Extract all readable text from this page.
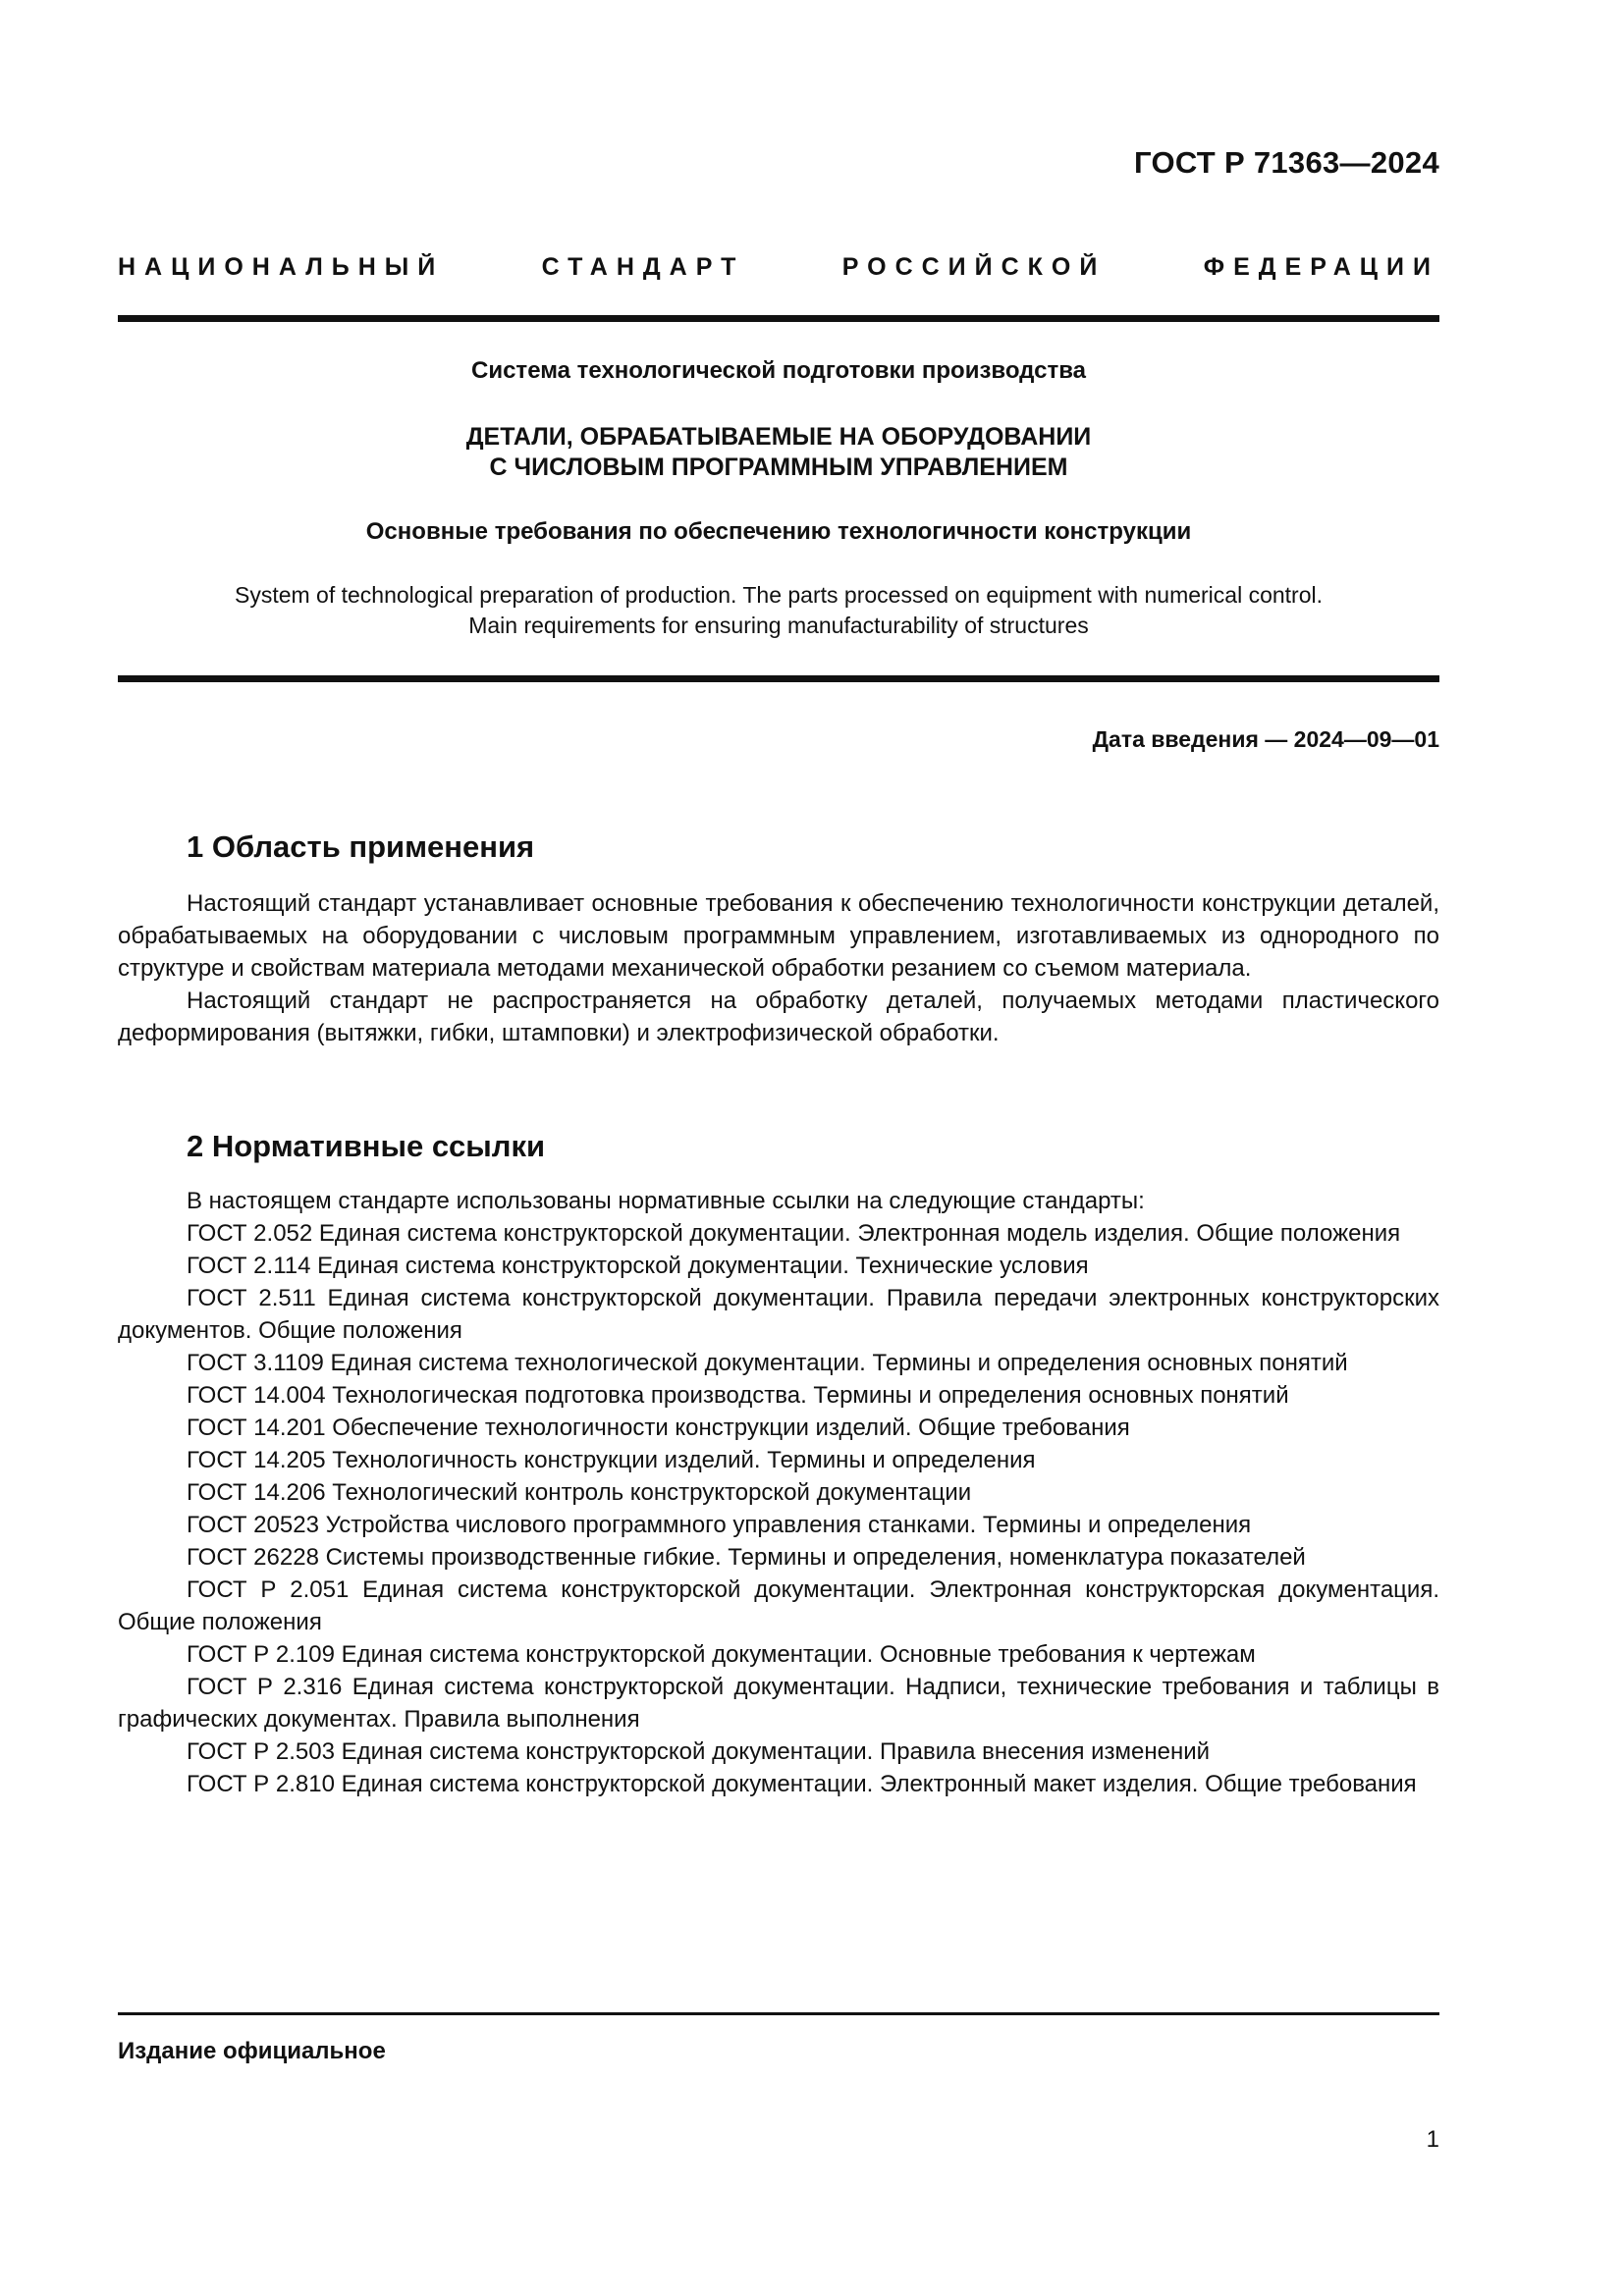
ГОСТ Р 71363—2024
НАЦИОНАЛЬНЫЙ СТАНДАРТ РОССИЙСКОЙ ФЕДЕРАЦИИ
Система технологической подготовки производства
ДЕТАЛИ, ОБРАБАТЫВАЕМЫЕ НА ОБОРУДОВАНИИ
С ЧИСЛОВЫМ ПРОГРАММНЫМ УПРАВЛЕНИЕМ
Основные требования по обеспечению технологичности конструкции
System of technological preparation of production. The parts processed on equipment with numerical control.
Main requirements for ensuring manufacturability of structures
Дата введения — 2024—09—01
1 Область применения

Настоящий стандарт устанавливает основные требования к обеспечению технологичности конструкции деталей, обрабатываемых на оборудовании с числовым программным управлением, изготавливаемых из однородного по структуре и свойствам материала методами механической обработки резанием со съемом материала.

Настоящий стандарт не распространяется на обработку деталей, получаемых методами пластического деформирования (вытяжки, гибки, штамповки) и электрофизической обработки.

2 Нормативные ссылки

В настоящем стандарте использованы нормативные ссылки на следующие стандарты:

ГОСТ 2.052 Единая система конструкторской документации. Электронная модель изделия. Общие положения

ГОСТ 2.114 Единая система конструкторской документации. Технические условия

ГОСТ 2.511 Единая система конструкторской документации. Правила передачи электронных конструкторских документов. Общие положения

ГОСТ 3.1109 Единая система технологической документации. Термины и определения основных понятий

ГОСТ 14.004 Технологическая подготовка производства. Термины и определения основных понятий

ГОСТ 14.201 Обеспечение технологичности конструкции изделий. Общие требования

ГОСТ 14.205 Технологичность конструкции изделий. Термины и определения

ГОСТ 14.206 Технологический контроль конструкторской документации

ГОСТ 20523 Устройства числового программного управления станками. Термины и определения

ГОСТ 26228 Системы производственные гибкие. Термины и определения, номенклатура показателей

ГОСТ Р 2.051 Единая система конструкторской документации. Электронная конструкторская документация. Общие положения

ГОСТ Р 2.109 Единая система конструкторской документации. Основные требования к чертежам

ГОСТ Р 2.316 Единая система конструкторской документации. Надписи, технические требования и таблицы в графических документах. Правила выполнения

ГОСТ Р 2.503 Единая система конструкторской документации. Правила внесения изменений

ГОСТ Р 2.810 Единая система конструкторской документации. Электронный макет изделия. Общие требования

Издание официальное
1
